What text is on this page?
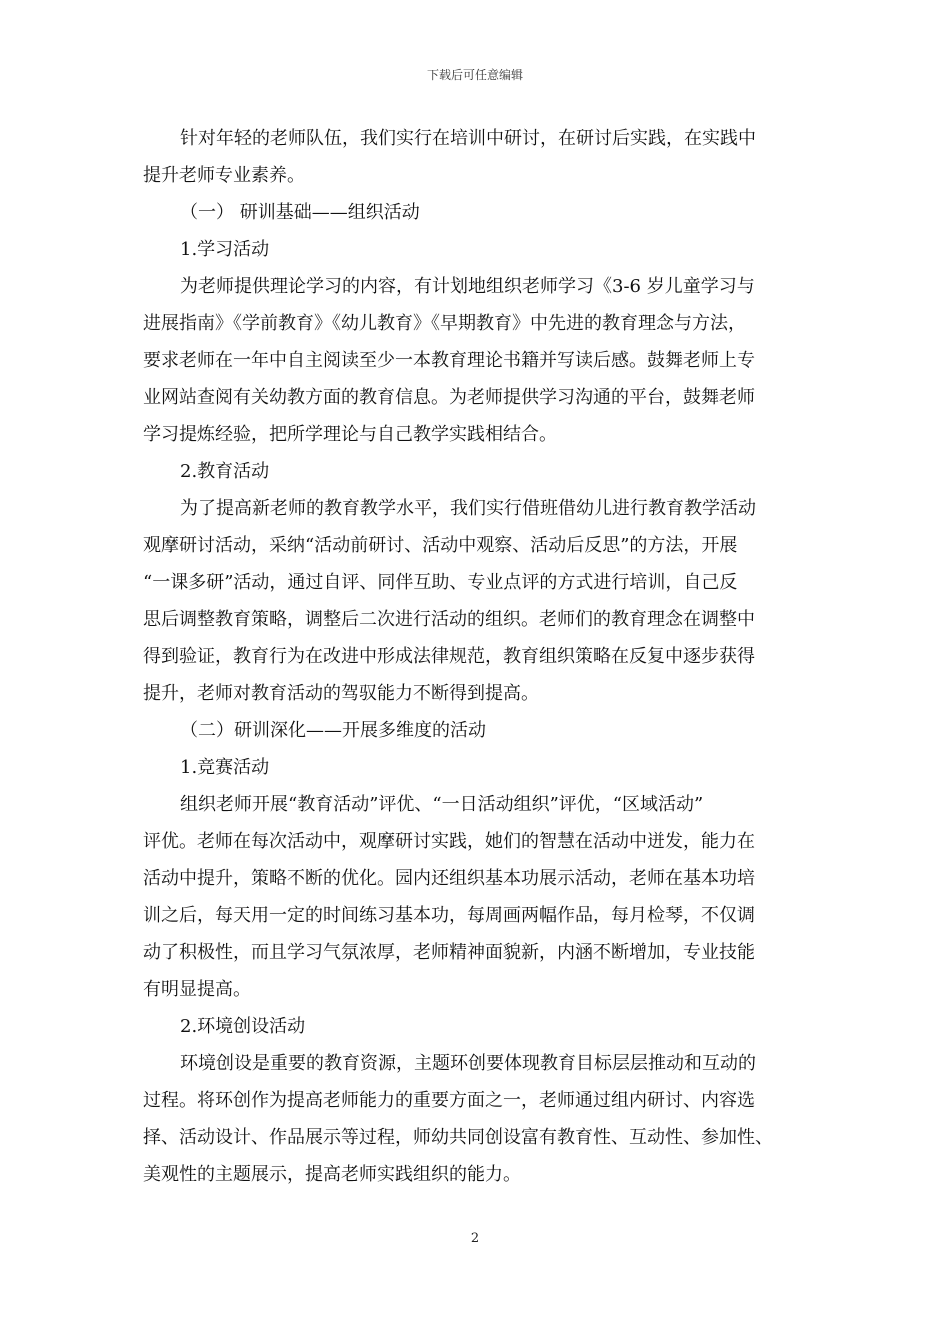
下载后可任意编辑
针对年轻的老师队伍，我们实行在培训中研讨，在研讨后实践，在实践中
提升老师专业素养。
（一） 研训基础——组织活动
1.学习活动
为老师提供理论学习的内容，有计划地组织老师学习《3-6 岁儿童学习与
进展指南》《学前教育》《幼儿教育》《早期教育》中先进的教育理念与方法，
要求老师在一年中自主阅读至少一本教育理论书籍并写读后感。鼓舞老师上专
业网站查阅有关幼教方面的教育信息。为老师提供学习沟通的平台，鼓舞老师
学习提炼经验，把所学理论与自己教学实践相结合。
2.教育活动
为了提高新老师的教育教学水平，我们实行借班借幼儿进行教育教学活动
观摩研讨活动，采纳“活动前研讨、活动中观察、活动后反思”的方法，开展
“一课多研”活动，通过自评、同伴互助、专业点评的方式进行培训，自己反
思后调整教育策略，调整后二次进行活动的组织。老师们的教育理念在调整中
得到验证，教育行为在改进中形成法律规范，教育组织策略在反复中逐步获得
提升，老师对教育活动的驾驭能力不断得到提高。
（二）研训深化——开展多维度的活动
1.竞赛活动
组织老师开展“教育活动”评优、“一日活动组织”评优，“区域活动”
评优。老师在每次活动中，观摩研讨实践，她们的智慧在活动中迸发，能力在
活动中提升，策略不断的优化。园内还组织基本功展示活动，老师在基本功培
训之后，每天用一定的时间练习基本功，每周画两幅作品，每月检琴，不仅调
动了积极性，而且学习气氛浓厚，老师精神面貌新，内涵不断增加，专业技能
有明显提高。
2.环境创设活动
环境创设是重要的教育资源，主题环创要体现教育目标层层推动和互动的
过程。将环创作为提高老师能力的重要方面之一，老师通过组内研讨、内容选
择、活动设计、作品展示等过程，师幼共同创设富有教育性、互动性、参加性、
美观性的主题展示，提高老师实践组织的能力。
2
